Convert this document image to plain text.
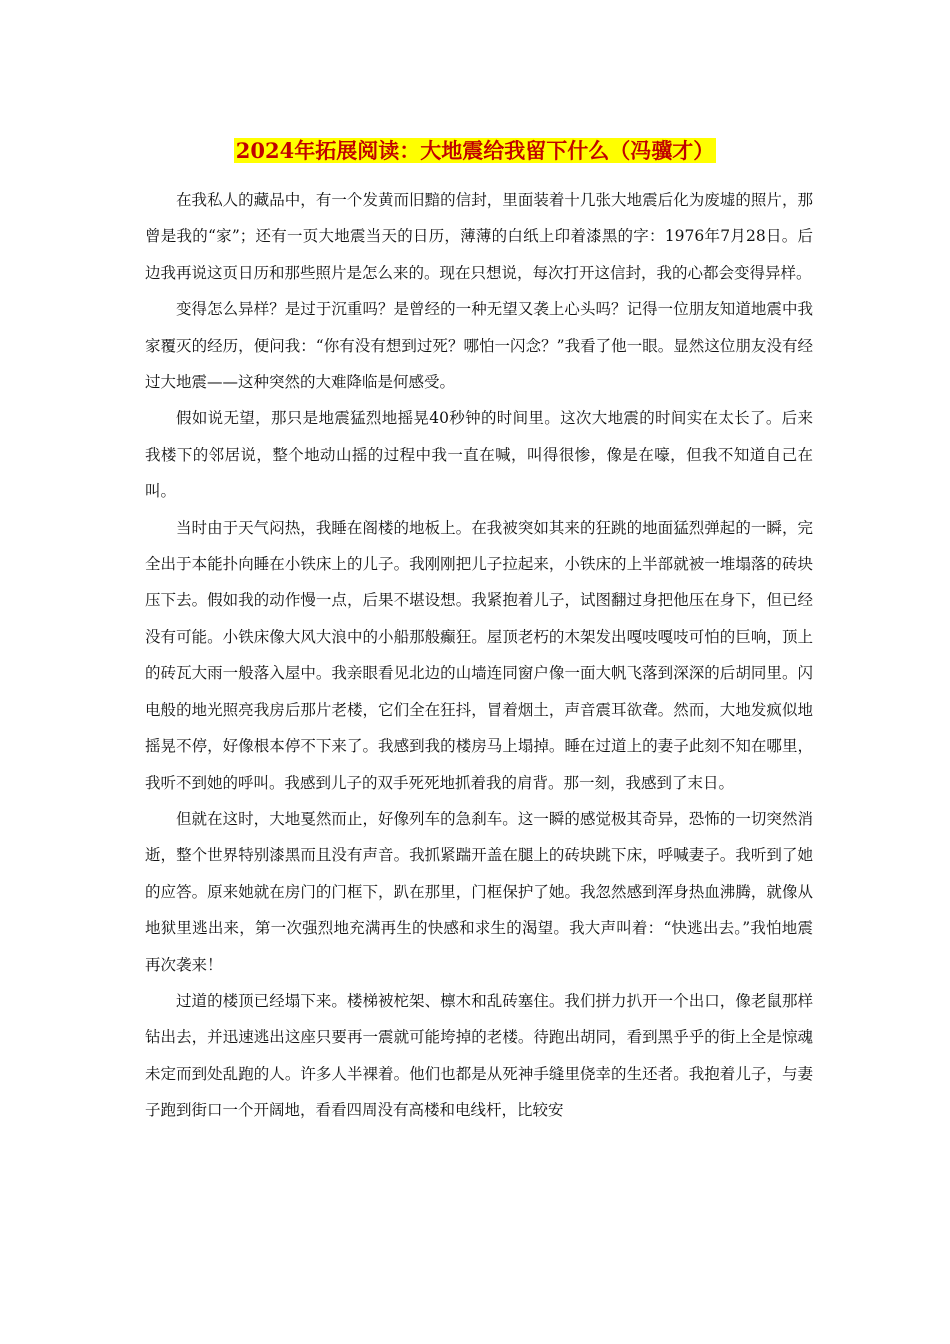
2024年拓展阅读：大地震给我留下什么（冯骥才）

在我私人的藏品中，有一个发黄而旧黯的信封，里面装着十几张大地震后化为废墟的照片，那曾是我的“家”；还有一页大地震当天的日历，薄薄的白纸上印着漆黑的字：1976年7月28日。后边我再说这页日历和那些照片是怎么来的。现在只想说，每次打开这信封，我的心都会变得异样。

变得怎么异样？是过于沉重吗？是曾经的一种无望又袭上心头吗？记得一位朋友知道地震中我家覆灭的经历，便问我：“你有没有想到过死？哪怕一闪念？”我看了他一眼。显然这位朋友没有经过大地震——这种突然的大难降临是何感受。

假如说无望，那只是地震猛烈地摇晃40秒钟的时间里。这次大地震的时间实在太长了。后来我楼下的邻居说，整个地动山摇的过程中我一直在喊，叫得很惨，像是在嚎，但我不知道自己在叫。

当时由于天气闷热，我睡在阁楼的地板上。在我被突如其来的狂跳的地面猛烈弹起的一瞬，完全出于本能扑向睡在小铁床上的儿子。我刚刚把儿子拉起来，小铁床的上半部就被一堆塌落的砖块压下去。假如我的动作慢一点，后果不堪设想。我紧抱着儿子，试图翻过身把他压在身下，但已经没有可能。小铁床像大风大浪中的小船那般癫狂。屋顶老朽的木架发出嘎吱嘎吱可怕的巨响，顶上的砖瓦大雨一般落入屋中。我亲眼看见北边的山墙连同窗户像一面大帆飞落到深深的后胡同里。闪电般的地光照亮我房后那片老楼，它们全在狂抖，冒着烟土，声音震耳欲聋。然而，大地发疯似地摇晃不停，好像根本停不下来了。我感到我的楼房马上塌掉。睡在过道上的妻子此刻不知在哪里，我听不到她的呼叫。我感到儿子的双手死死地抓着我的肩背。那一刻，我感到了末日。

但就在这时，大地戛然而止，好像列车的急刹车。这一瞬的感觉极其奇异，恐怖的一切突然消逝，整个世界特别漆黑而且没有声音。我抓紧踹开盖在腿上的砖块跳下床，呼喊妻子。我听到了她的应答。原来她就在房门的门框下，趴在那里，门框保护了她。我忽然感到浑身热血沸腾，就像从地狱里逃出来，第一次强烈地充满再生的快感和求生的渴望。我大声叫着：“快逃出去。”我怕地震再次袭来！

过道的楼顶已经塌下来。楼梯被柁架、檩木和乱砖塞住。我们拼力扒开一个出口，像老鼠那样钻出去，并迅速逃出这座只要再一震就可能垮掉的老楼。待跑出胡同，看到黑乎乎的街上全是惊魂未定而到处乱跑的人。许多人半裸着。他们也都是从死神手缝里侥幸的生还者。我抱着儿子，与妻子跑到街口一个开阔地，看看四周没有高楼和电线杆，比较安
